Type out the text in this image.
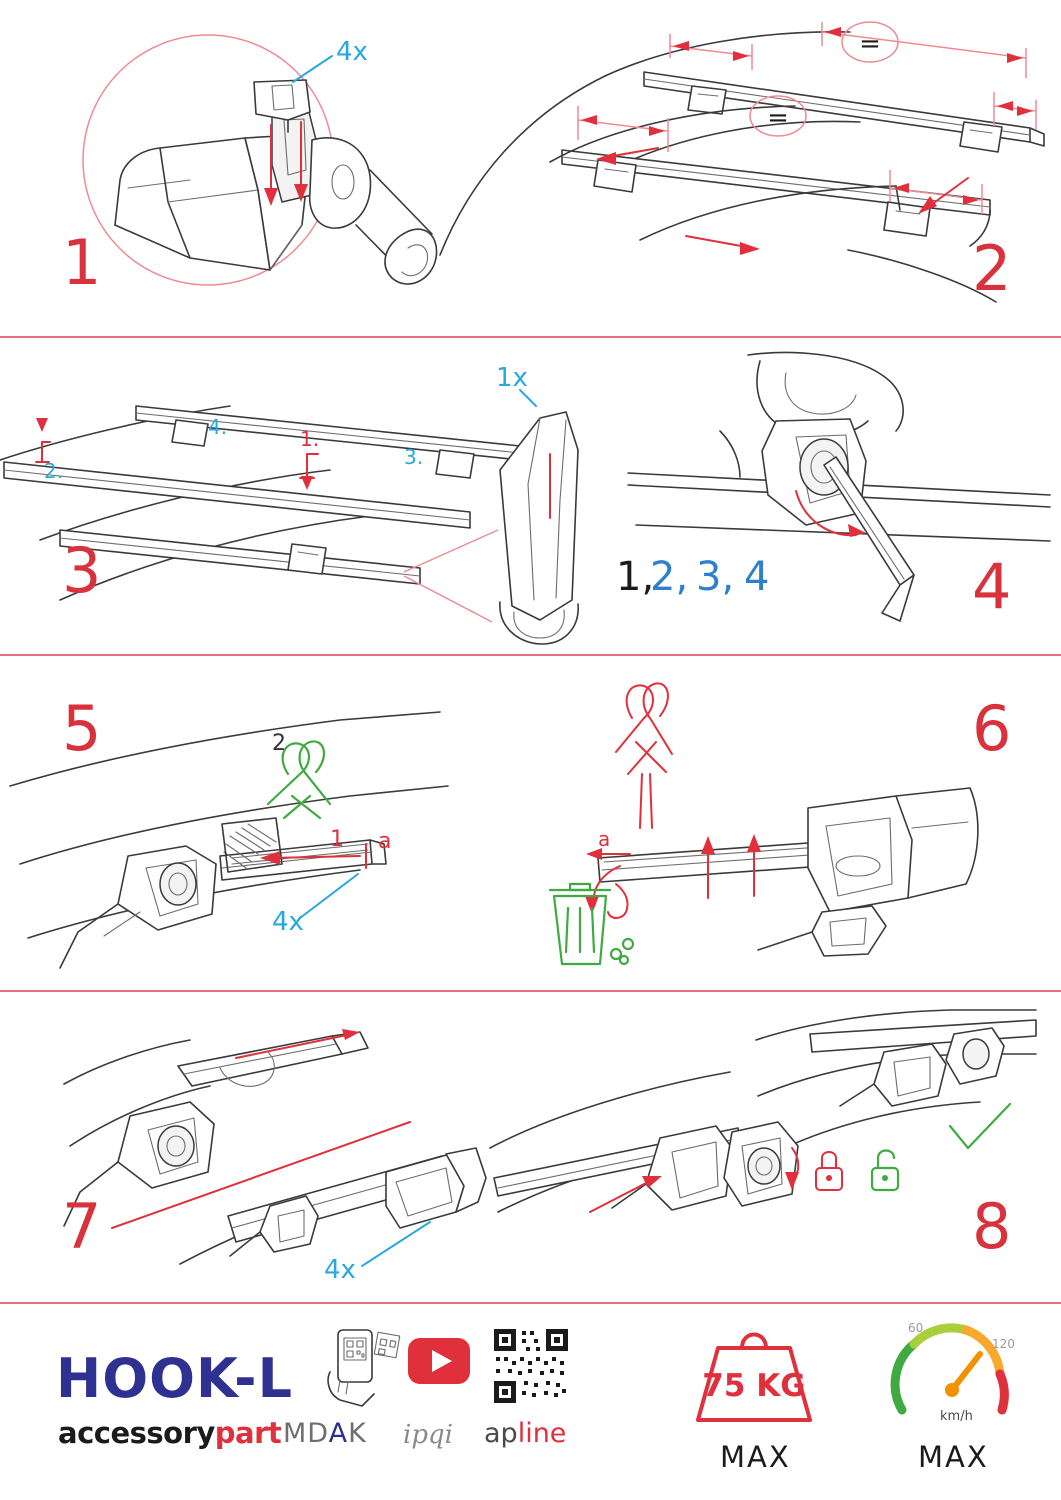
4x
1
=
=
2
1.
2.
3.
4.
1x
3	1,
2, 3, 4	4
1 a
2
4x
5
a
6
4x
7	8
HOOK-L
accessorypart MDAK ipqi apline
75 KG
MAX
60
120
km/h
MAX
